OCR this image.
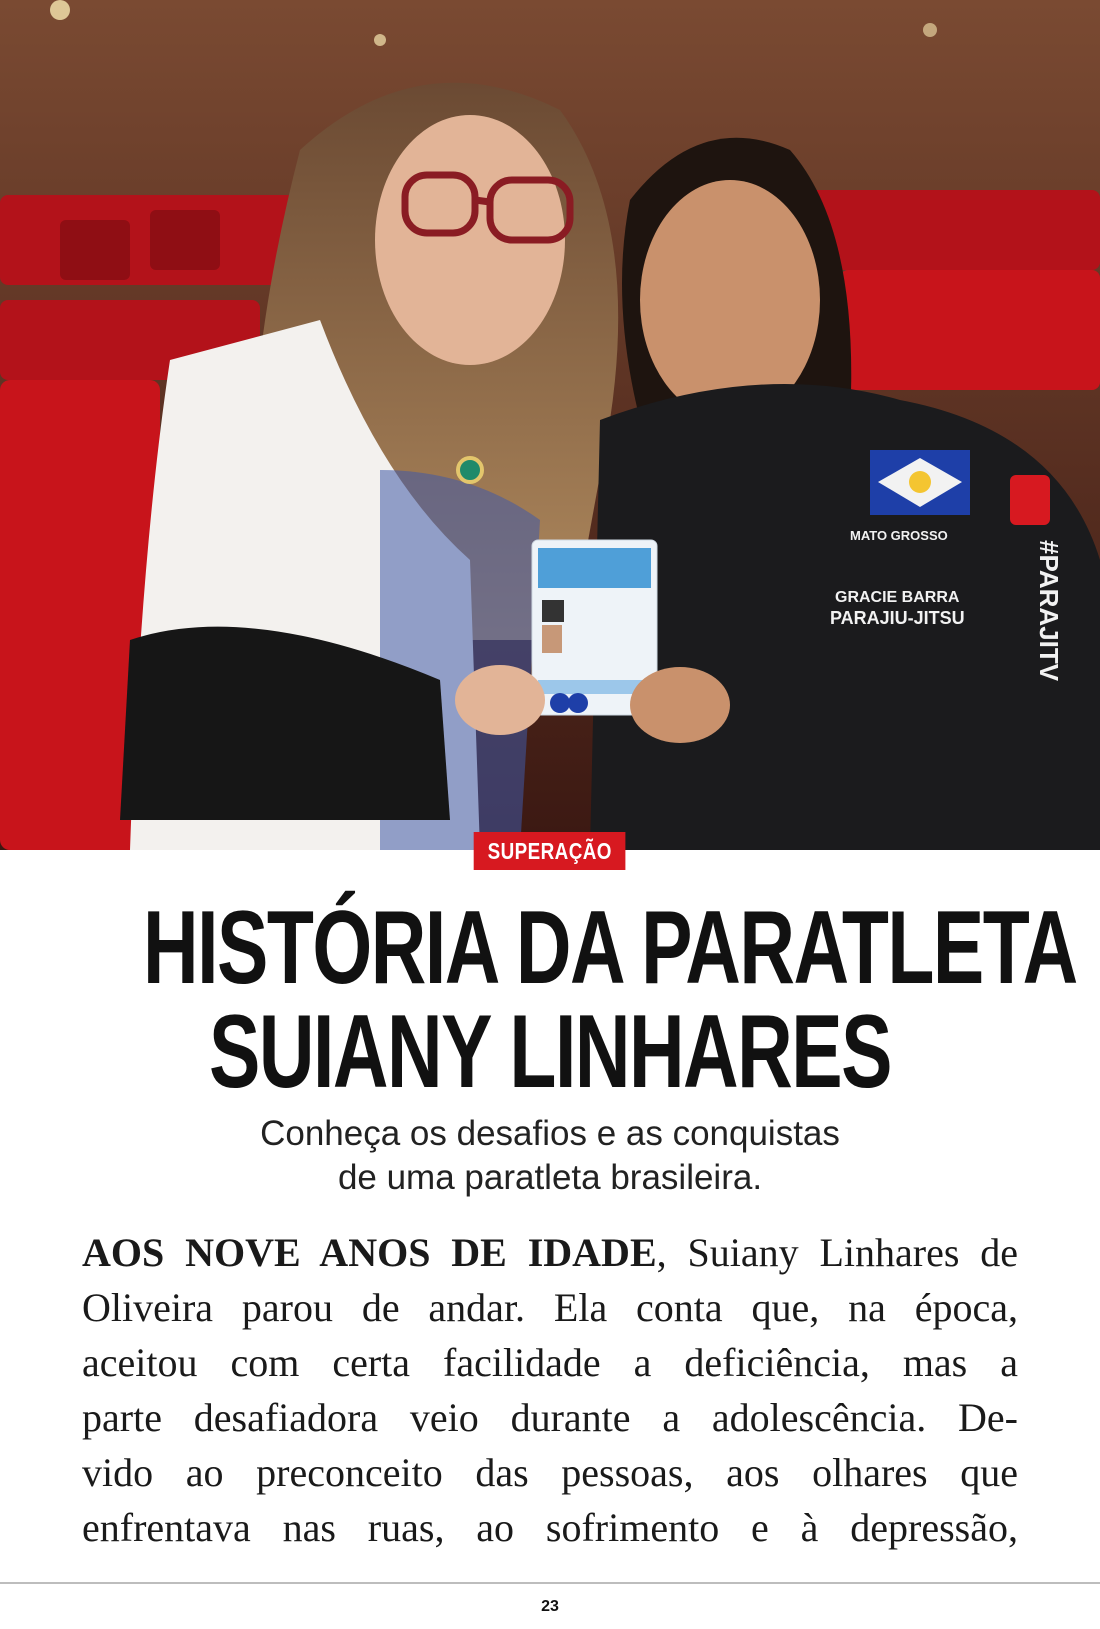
MATO GROSSO
GRACIE BARRA
PARAJIU-JITSU	#PARAJITV
SUPERAÇÃO
HISTÓRIA DA PARATLETA
SUIANY LINHARES

Conheça os desafios e as conquistas
de uma paratleta brasileira.

AOS NOVE ANOS DE IDADE, Suiany Linhares de
Oliveira parou de andar. Ela conta que, na época,
aceitou com certa facilidade a deficiência, mas a
parte desafiadora veio durante a adolescência. De-
vido ao preconceito das pessoas, aos olhares que
enfrentava nas ruas, ao sofrimento e à depressão,

23
